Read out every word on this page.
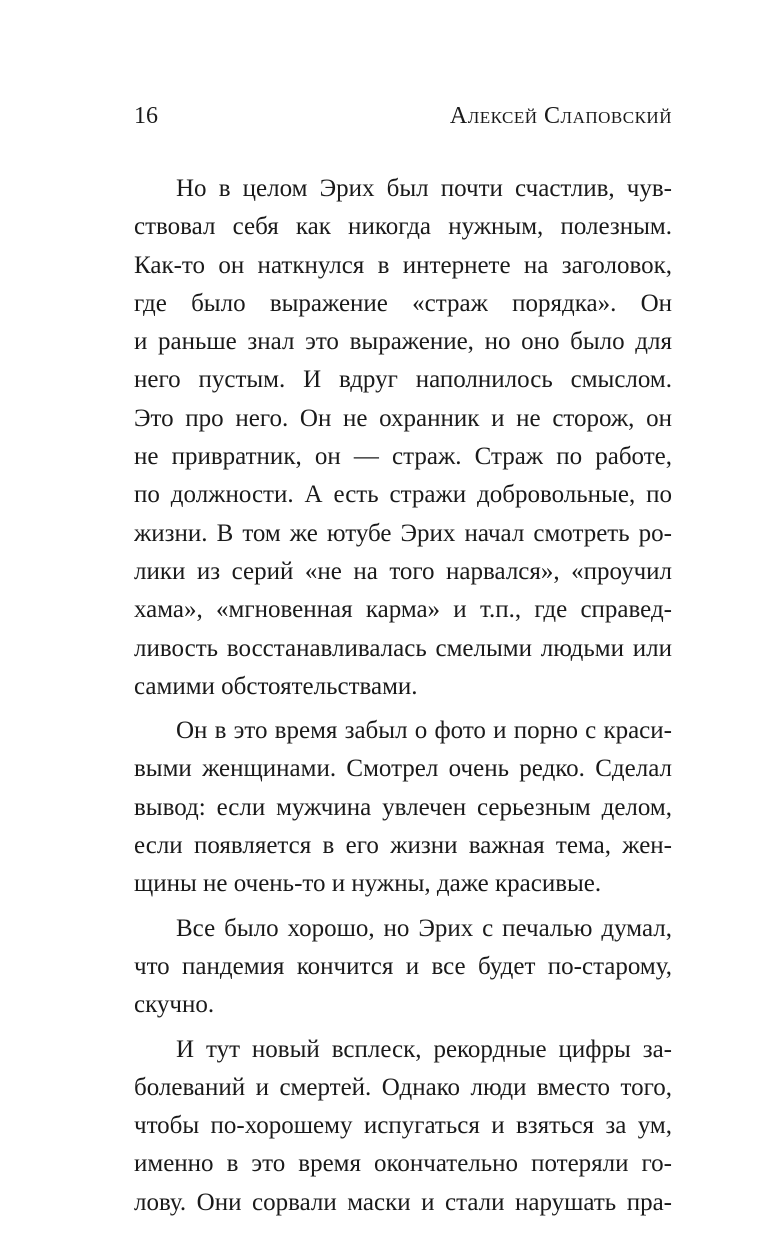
16	Алексей Слаповский
Но в целом Эрих был почти счастлив, чув-
ствовал себя как никогда нужным, полезным.
Как-то он наткнулся в интернете на заголовок,
где было выражение «страж порядка». Он
и раньше знал это выражение, но оно было для
него пустым. И вдруг наполнилось смыслом.
Это про него. Он не охранник и не сторож, он
не привратник, он — страж. Страж по работе,
по должности. А есть стражи добровольные, по
жизни. В том же ютубе Эрих начал смотреть ро-
лики из серий «не на того нарвался», «проучил
хама», «мгновенная карма» и т.п., где справед-
ливость восстанавливалась смелыми людьми или
самими обстоятельствами.
Он в это время забыл о фото и порно с краси-
выми женщинами. Смотрел очень редко. Сделал
вывод: если мужчина увлечен серьезным делом,
если появляется в его жизни важная тема, жен-
щины не очень-то и нужны, даже красивые.
Все было хорошо, но Эрих с печалью думал,
что пандемия кончится и все будет по-старому,
скучно.
И тут новый всплеск, рекордные цифры за-
болеваний и смертей. Однако люди вместо того,
чтобы по-хорошему испугаться и взяться за ум,
именно в это время окончательно потеряли го-
лову. Они сорвали маски и стали нарушать пра-
